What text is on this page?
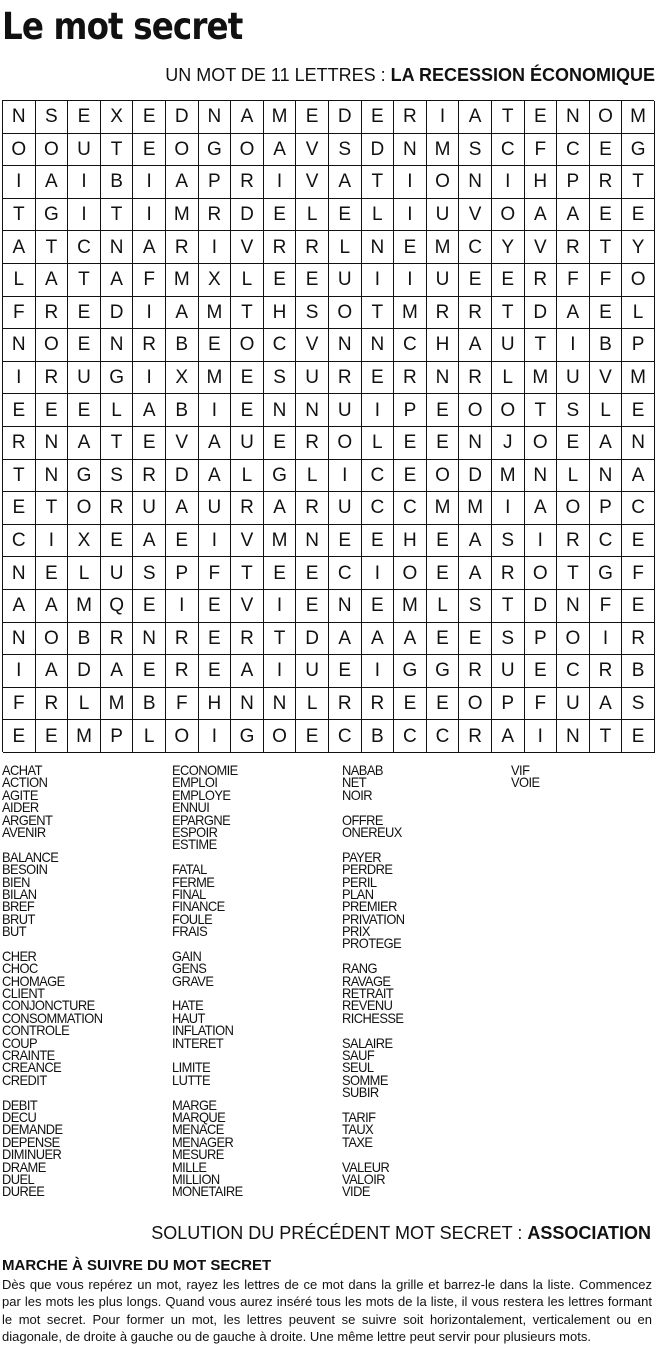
Le mot secret
UN MOT DE 11 LETTRES : LA RECESSION ÉCONOMIQUE
N	S	E	X	E	D N	A M E	D	E	R	I	A	T	E	N O M
O O U	T	E O G O A	V	S	D N M S	C	F	C	E G
I	A	I	B	I	A	P	R	I	V	A	T	I	O N	I	H	P	R	T
T	G	I	T	I	M R D	E	L	E	L	I	U	V O A	A	E	E
A	T	C N	A	R	I	V	R R	L	N	E M C	Y	V	R	T	Y
L	A	T	A	F M X	L	E	E	U	I	I	U	E	E	R	F	F	O
F	R	E	D	I	A M T	H	S O	T M R R	T	D	A	E	L
N O E	N R	B	E O C	V	N N C H	A	U	T	I	B	P
I	R U G	I	X M E	S	U R	E	R N R	L	M U	V M
E	E	E	L	A	B	I	E	N N U	I	P	E O O	T	S	L	E
R N	A	T	E	V	A	U	E	R O	L	E	E	N	J	O E	A	N
T	N G S	R D	A	L	G	L	I	C	E O D M N	L	N	A
E	T	O R U	A	U R	A	R U C C M M	I	A O P	C
C	I	X	E	A	E	I	V M N	E	E	H	E	A	S	I	R C	E
N	E	L	U	S	P	F	T	E	E	C	I	O E	A	R O	T	G	F
A	A M Q E	I	E	V	I	E	N	E M	L	S	T	D N	F	E
N O B	R N R	E	R	T	D	A	A	A	E	E	S	P O	I	R
I	A	D	A	E	R	E	A	I	U	E	I	G G R U	E	C R	B
F	R	L	M B	F	H N N	L	R R	E	E O P	F	U	A	S
E	E M P	L	O	I	G O E	C	B	C C R	A	I	N	T	E
ACHAT
ACTION
AGITE
AIDER
ARGENT
AVENIR

BALANCE
BESOIN
BIEN
BILAN
BREF
BRUT
BUT

CHER
CHOC
CHOMAGE
CLIENT
CONJONCTURE
CONSOMMATION
CONTROLE
COUP
CRAINTE
CREANCE
CREDIT

DEBIT
DECU
DEMANDE
DEPENSE
DIMINUER
DRAME
DUEL
DUREE
ECONOMIE
EMPLOI
EMPLOYE
ENNUI
EPARGNE
ESPOIR
ESTIME

FATAL
FERME
FINAL
FINANCE
FOULE
FRAIS

GAIN
GENS
GRAVE

HATE
HAUT
INFLATION
INTERET

LIMITE
LUTTE

MARGE
MARQUE
MENACE
MENAGER
MESURE
MILLE
MILLION
MONETAIRE
NABAB
NET
NOIR

OFFRE
ONEREUX

PAYER
PERDRE
PERIL
PLAN
PREMIER
PRIVATION
PRIX
PROTEGE

RANG
RAVAGE
RETRAIT
REVENU
RICHESSE

SALAIRE
SAUF
SEUL
SOMME
SUBIR

TARIF
TAUX
TAXE

VALEUR
VALOIR
VIDE
VIF
VOIE
SOLUTION DU PRÉCÉDENT MOT SECRET : ASSOCIATION
MARCHE À SUIVRE DU MOT SECRET
Dès que vous repérez un mot, rayez les lettres de ce mot dans la grille et barrez-le dans la liste. Commencez par les mots les plus longs. Quand vous aurez inséré tous les mots de la liste, il vous restera les lettres formant le mot secret. Pour former un mot, les lettres peuvent se suivre soit horizontalement, verticalement ou en diagonale, de droite à gauche ou de gauche à droite. Une même lettre peut servir pour plusieurs mots.
